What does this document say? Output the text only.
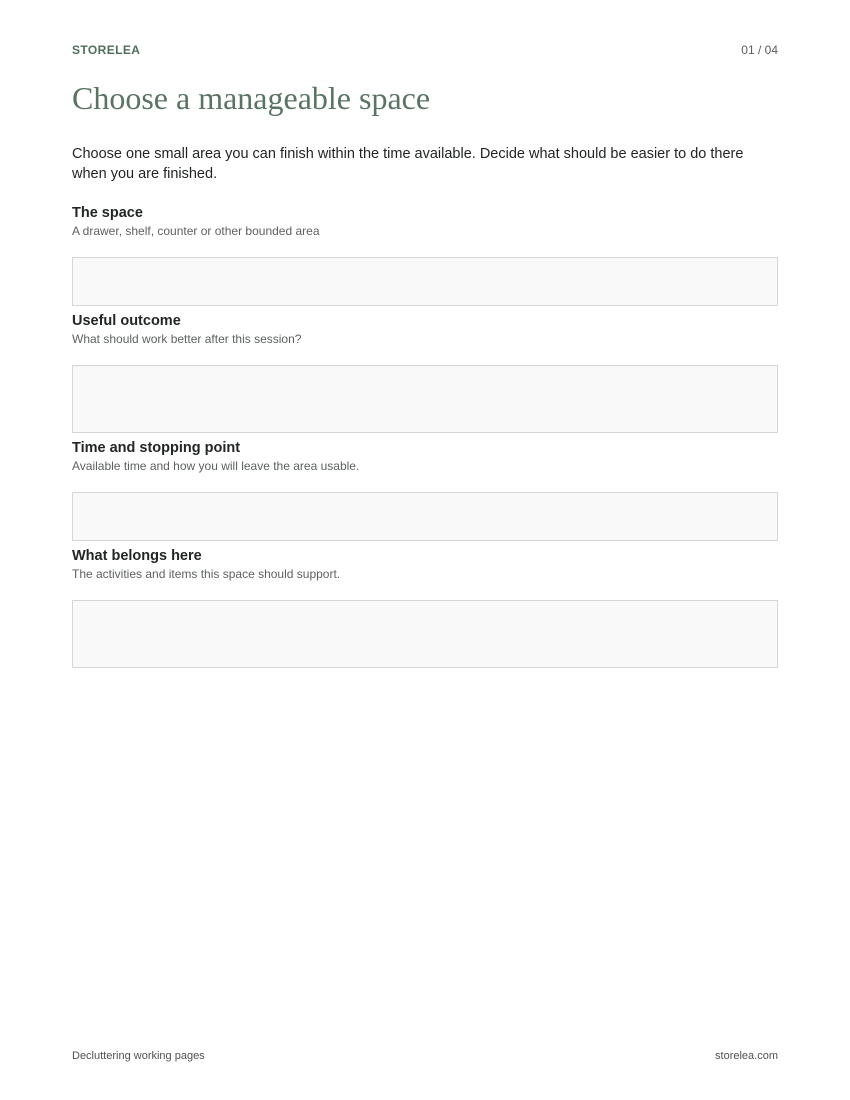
STORELEA	01 / 04
Choose a manageable space

Choose one small area you can finish within the time available. Decide what should be easier to do there when you are finished.

The space

A drawer, shelf, counter or other bounded area

Useful outcome

What should work better after this session?

Time and stopping point

Available time and how you will leave the area usable.

What belongs here

The activities and items this space should support.

Decluttering working pages	storelea.com
